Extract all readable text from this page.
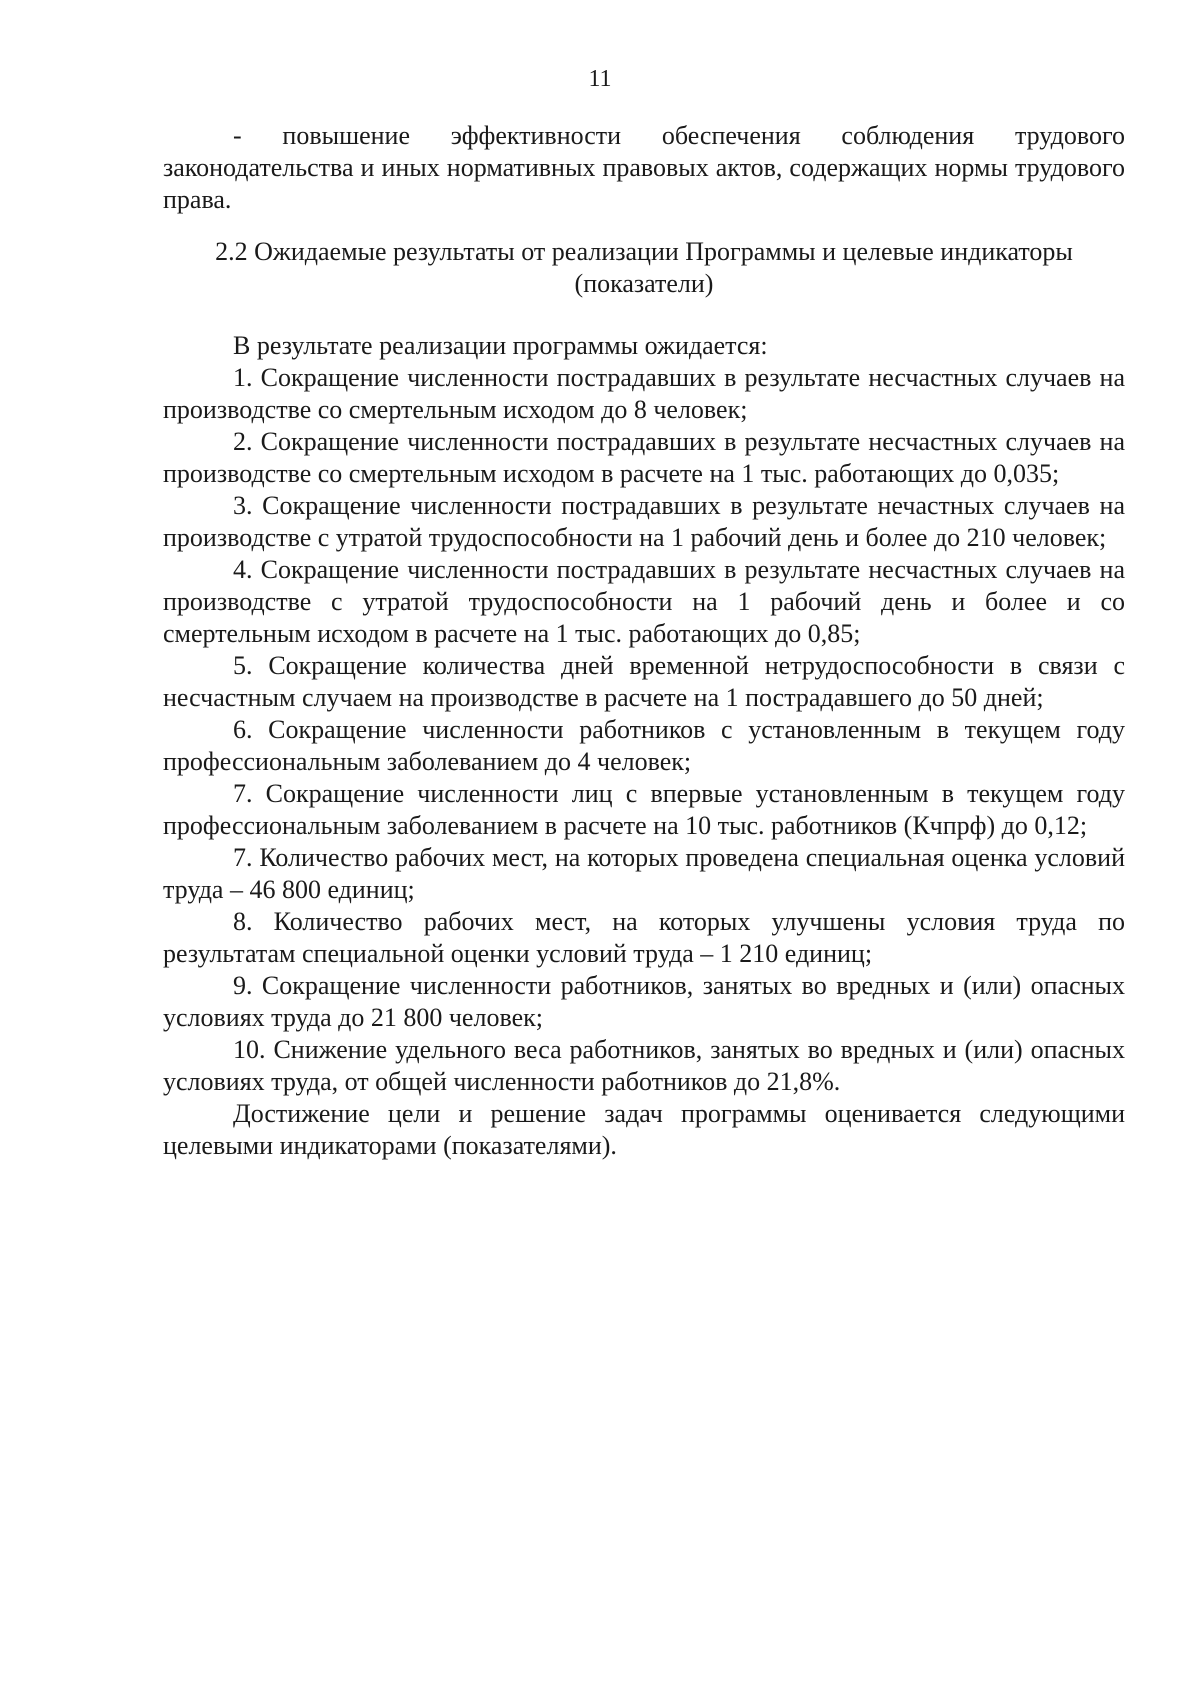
11

- повышение эффективности обеспечения соблюдения трудового законодательства и иных нормативных правовых актов, содержащих нормы трудового права.

2.2 Ожидаемые результаты от реализации Программы и целевые индикаторы
(показатели)

В результате реализации программы ожидается:

1. Сокращение численности пострадавших в результате несчастных случаев на производстве со смертельным исходом до 8 человек;

2. Сокращение численности пострадавших в результате несчастных случаев на производстве со смертельным исходом в расчете на 1 тыс. работающих до 0,035;

3. Сокращение численности пострадавших в результате нечастных случаев на производстве с утратой трудоспособности на 1 рабочий день и более до 210 человек;

4. Сокращение численности пострадавших в результате несчастных случаев на производстве с утратой трудоспособности на 1 рабочий день и более и со смертельным исходом в расчете на 1 тыс. работающих до 0,85;

5. Сокращение количества дней временной нетрудоспособности в связи с несчастным случаем на производстве в расчете на 1 пострадавшего до 50 дней;

6. Сокращение численности работников с установленным в текущем году профессиональным заболеванием до 4 человек;

7. Сокращение численности лиц с впервые установленным в текущем году профессиональным заболеванием в расчете на 10 тыс. работников (Кчпрф) до 0,12;

7. Количество рабочих мест, на которых проведена специальная оценка условий труда – 46 800 единиц;

8. Количество рабочих мест, на которых улучшены условия труда по результатам специальной оценки условий труда – 1 210 единиц;

9. Сокращение численности работников, занятых во вредных и (или) опасных условиях труда до 21 800 человек;

10. Снижение удельного веса работников, занятых во вредных и (или) опасных условиях труда, от общей численности работников до 21,8%.

Достижение цели и решение задач программы оценивается следующими целевыми индикаторами (показателями).
